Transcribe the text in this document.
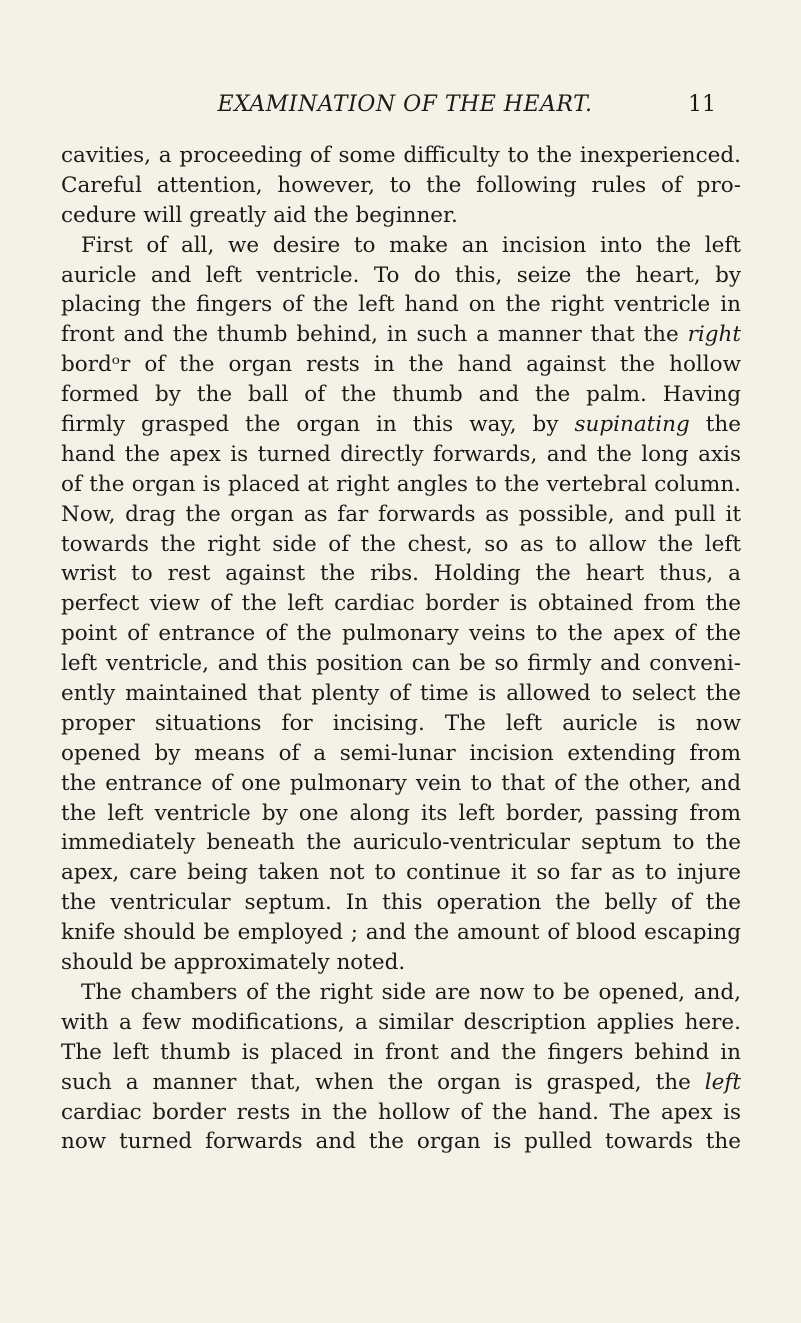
EXAMINATION OF THE HEART.	11
cavities, a proceeding of some difficulty to the inexperienced.
Careful attention, however, to the following rules of pro-
cedure will greatly aid the beginner.
First of all, we desire to make an incision into the left
auricle and left ventricle. To do this, seize the heart, by
placing the fingers of the left hand on the right ventricle in
front and the thumb behind, in such a manner that the right
bordᵒr of the organ rests in the hand against the hollow
formed by the ball of the thumb and the palm. Having
firmly grasped the organ in this way, by supinating the
hand the apex is turned directly forwards, and the long axis
of the organ is placed at right angles to the vertebral column.
Now, drag the organ as far forwards as possible, and pull it
towards the right side of the chest, so as to allow the left
wrist to rest against the ribs. Holding the heart thus, a
perfect view of the left cardiac border is obtained from the
point of entrance of the pulmonary veins to the apex of the
left ventricle, and this position can be so firmly and conveni-
ently maintained that plenty of time is allowed to select the
proper situations for incising. The left auricle is now
opened by means of a semi-lunar incision extending from
the entrance of one pulmonary vein to that of the other, and
the left ventricle by one along its left border, passing from
immediately beneath the auriculo-ventricular septum to the
apex, care being taken not to continue it so far as to injure
the ventricular septum. In this operation the belly of the
knife should be employed ; and the amount of blood escaping
should be approximately noted.
The chambers of the right side are now to be opened, and,
with a few modifications, a similar description applies here.
The left thumb is placed in front and the fingers behind in
such a manner that, when the organ is grasped, the left
cardiac border rests in the hollow of the hand. The apex is
now turned forwards and the organ is pulled towards the
